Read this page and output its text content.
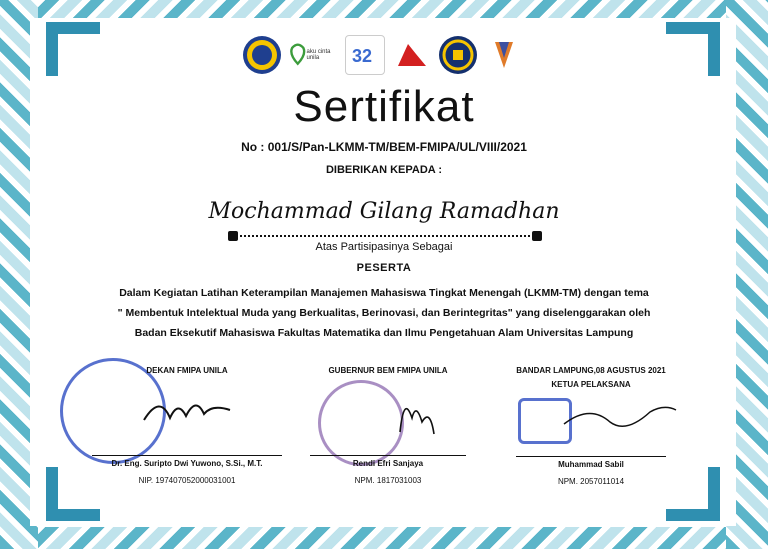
aku cinta unila	32
Sertifikat
No : 001/S/Pan-LKMM-TM/BEM-FMIPA/UL/VIII/2021
DIBERIKAN KEPADA :
Mochammad Gilang Ramadhan
Atas Partisipasinya Sebagai
PESERTA
Dalam Kegiatan Latihan Keterampilan Manajemen Mahasiswa Tingkat Menengah (LKMM-TM) dengan tema
" Membentuk Intelektual Muda yang Berkualitas, Berinovasi, dan Berintegritas" yang diselenggarakan oleh
Badan Eksekutif Mahasiswa Fakultas Matematika dan Ilmu Pengetahuan Alam Universitas Lampung
DEKAN FMIPA UNILA
Dr. Eng. Suripto Dwi Yuwono, S.Si., M.T.
NIP. 197407052000031001
GUBERNUR BEM FMIPA UNILA
Rendi Efri Sanjaya
NPM. 1817031003
BANDAR LAMPUNG,08 AGUSTUS 2021
KETUA PELAKSANA
Muhammad Sabil
NPM. 2057011014
